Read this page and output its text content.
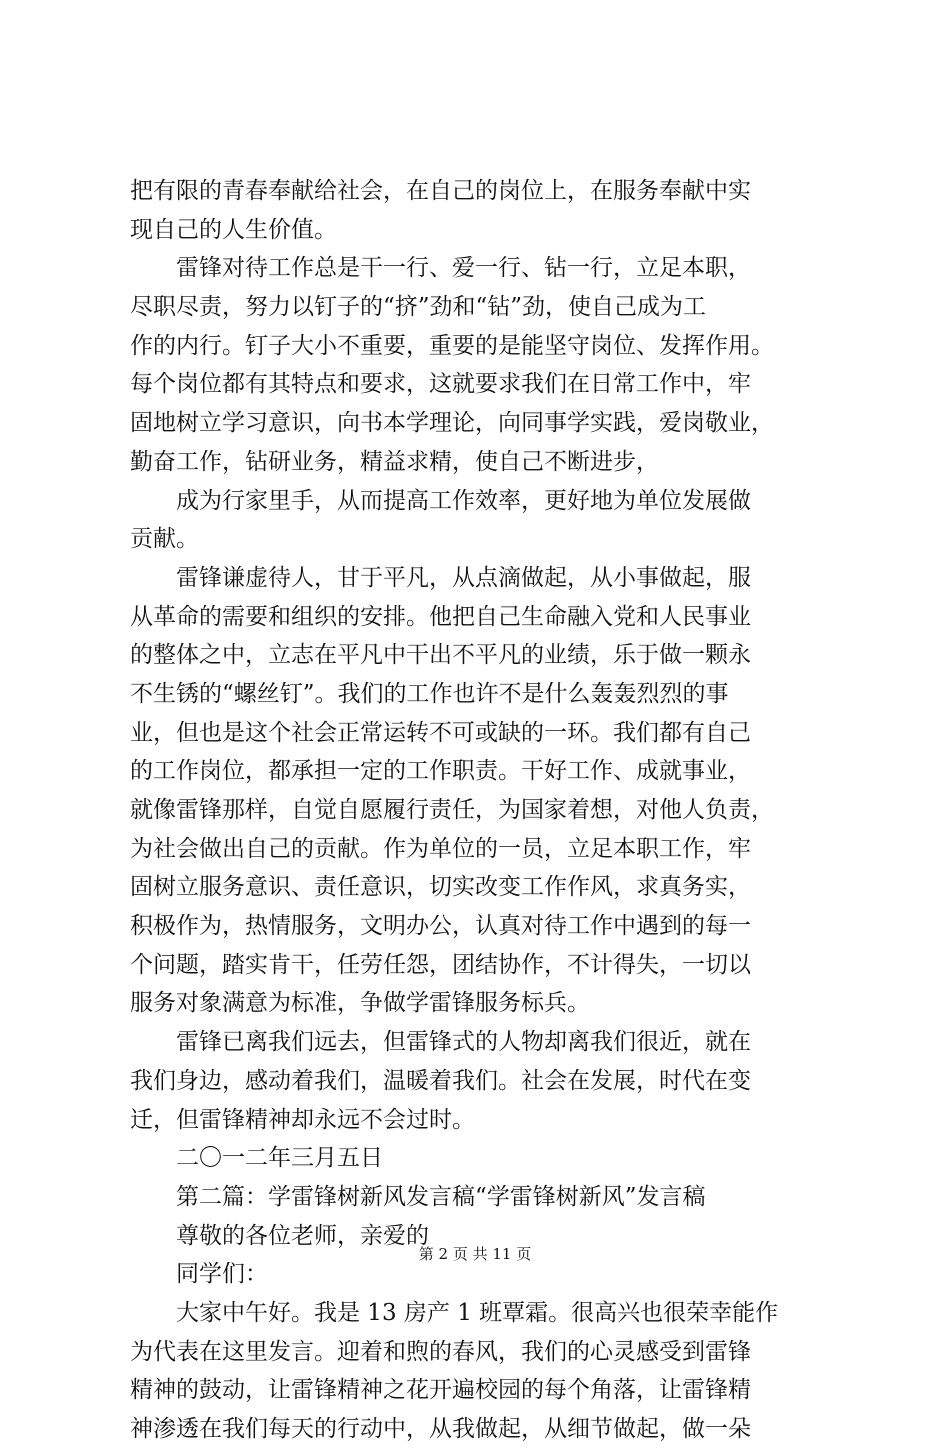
把有限的青春奉献给社会，在自己的岗位上，在服务奉献中实
现自己的人生价值。
雷锋对待工作总是干一行、爱一行、钻一行，立足本职，
尽职尽责，努力以钉子的“挤”劲和“钻”劲，使自己成为工
作的内行。钉子大小不重要，重要的是能坚守岗位、发挥作用。
每个岗位都有其特点和要求，这就要求我们在日常工作中，牢
固地树立学习意识，向书本学理论，向同事学实践，爱岗敬业，
勤奋工作，钻研业务，精益求精，使自己不断进步，
成为行家里手，从而提高工作效率，更好地为单位发展做
贡献。
雷锋谦虚待人，甘于平凡，从点滴做起，从小事做起，服
从革命的需要和组织的安排。他把自己生命融入党和人民事业
的整体之中，立志在平凡中干出不平凡的业绩，乐于做一颗永
不生锈的“螺丝钉”。我们的工作也许不是什么轰轰烈烈的事
业，但也是这个社会正常运转不可或缺的一环。我们都有自己
的工作岗位，都承担一定的工作职责。干好工作、成就事业，
就像雷锋那样，自觉自愿履行责任，为国家着想，对他人负责，
为社会做出自己的贡献。作为单位的一员，立足本职工作，牢
固树立服务意识、责任意识，切实改变工作作风，求真务实，
积极作为，热情服务，文明办公，认真对待工作中遇到的每一
个问题，踏实肯干，任劳任怨，团结协作，不计得失，一切以
服务对象满意为标准，争做学雷锋服务标兵。
雷锋已离我们远去，但雷锋式的人物却离我们很近，就在
我们身边，感动着我们，温暖着我们。社会在发展，时代在变
迁，但雷锋精神却永远不会过时。
二〇一二年三月五日
第二篇：学雷锋树新风发言稿“学雷锋树新风”发言稿
尊敬的各位老师，亲爱的
同学们：
大家中午好。我是 13 房产 1 班覃霜。很高兴也很荣幸能作
为代表在这里发言。迎着和煦的春风，我们的心灵感受到雷锋
精神的鼓动，让雷锋精神之花开遍校园的每个角落，让雷锋精
神渗透在我们每天的行动中，从我做起，从细节做起，做一朵
第 2 页 共 11 页
